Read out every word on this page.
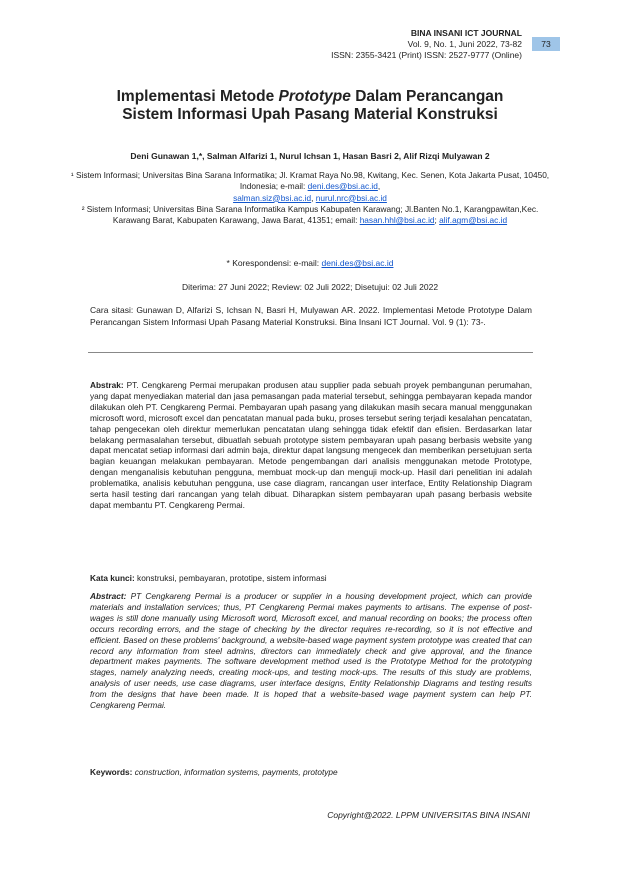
BINA INSANI ICT JOURNAL
Vol. 9, No. 1, Juni 2022, 73-82
ISSN: 2355-3421 (Print) ISSN: 2527-9777 (Online)
73
Implementasi Metode Prototype Dalam Perancangan
Sistem Informasi Upah Pasang Material Konstruksi
Deni Gunawan 1,*, Salman Alfarizi 1, Nurul Ichsan 1, Hasan Basri 2, Alif Rizqi Mulyawan 2
¹ Sistem Informasi; Universitas Bina Sarana Informatika; Jl. Kramat Raya No.98, Kwitang, Kec. Senen, Kota Jakarta Pusat, 10450, Indonesia; e-mail: deni.des@bsi.ac.id,
salman.siz@bsi.ac.id, nurul.nrc@bsi.ac.id
² Sistem Informasi; Universitas Bina Sarana Informatika Kampus Kabupaten Karawang; Jl.Banten No.1, Karangpawitan,Kec. Karawang Barat, Kabupaten Karawang, Jawa Barat, 41351; email: hasan.hhl@bsi.ac.id; alif.agm@bsi.ac.id
* Korespondensi: e-mail: deni.des@bsi.ac.id
Diterima: 27 Juni 2022; Review: 02 Juli 2022; Disetujui: 02 Juli 2022
Cara sitasi: Gunawan D, Alfarizi S, Ichsan N, Basri H, Mulyawan AR. 2022. Implementasi Metode Prototype Dalam Perancangan Sistem Informasi Upah Pasang Material Konstruksi. Bina Insani ICT Journal. Vol. 9 (1): 73-.
Abstrak: PT. Cengkareng Permai merupakan produsen atau supplier pada sebuah proyek pembangunan perumahan, yang dapat menyediakan material dan jasa pemasangan pada material tersebut, sehingga pembayaran kepada mandor dilakukan oleh PT. Cengkareng Permai. Pembayaran upah pasang yang dilakukan masih secara manual menggunakan microsoft word, microsoft excel dan pencatatan manual pada buku, proses tersebut sering terjadi kesalahan pencatatan, tahap pengecekan oleh direktur memerlukan pencatatan ulang sehingga tidak efektif dan efisien. Berdasarkan latar belakang permasalahan tersebut, dibuatlah sebuah prototype sistem pembayaran upah pasang berbasis website yang dapat mencatat setiap informasi dari admin baja, direktur dapat langsung mengecek dan memberikan persetujuan serta bagian keuangan melakukan pembayaran. Metode pengembangan dari analisis menggunakan metode Prototype, dengan menganalisis kebutuhan pengguna, membuat mock-up dan menguji mock-up. Hasil dari penelitian ini adalah problematika, analisis kebutuhan pengguna, use case diagram, rancangan user interface, Entity Relationship Diagram serta hasil testing dari rancangan yang telah dibuat. Diharapkan sistem pembayaran upah pasang berbasis website dapat membantu PT. Cengkareng Permai.
Kata kunci: konstruksi, pembayaran, prototipe, sistem informasi
Abstract: PT Cengkareng Permai is a producer or supplier in a housing development project, which can provide materials and installation services; thus, PT Cengkareng Permai makes payments to artisans. The expense of post-wages is still done manually using Microsoft word, Microsoft excel, and manual recording on books; the process often occurs recording errors, and the stage of checking by the director requires re-recording, so it is not effective and efficient. Based on these problems' background, a website-based wage payment system prototype was created that can record any information from steel admins, directors can immediately check and give approval, and the finance department makes payments. The software development method used is the Prototype Method for the prototyping stages, namely analyzing needs, creating mock-ups, and testing mock-ups. The results of this study are problems, analysis of user needs, use case diagrams, user interface designs, Entity Relationship Diagrams and testing results from the designs that have been made. It is hoped that a website-based wage payment system can help PT. Cengkareng Permai.
Keywords: construction, information systems, payments, prototype
Copyright@2022. LPPM UNIVERSITAS BINA INSANI
